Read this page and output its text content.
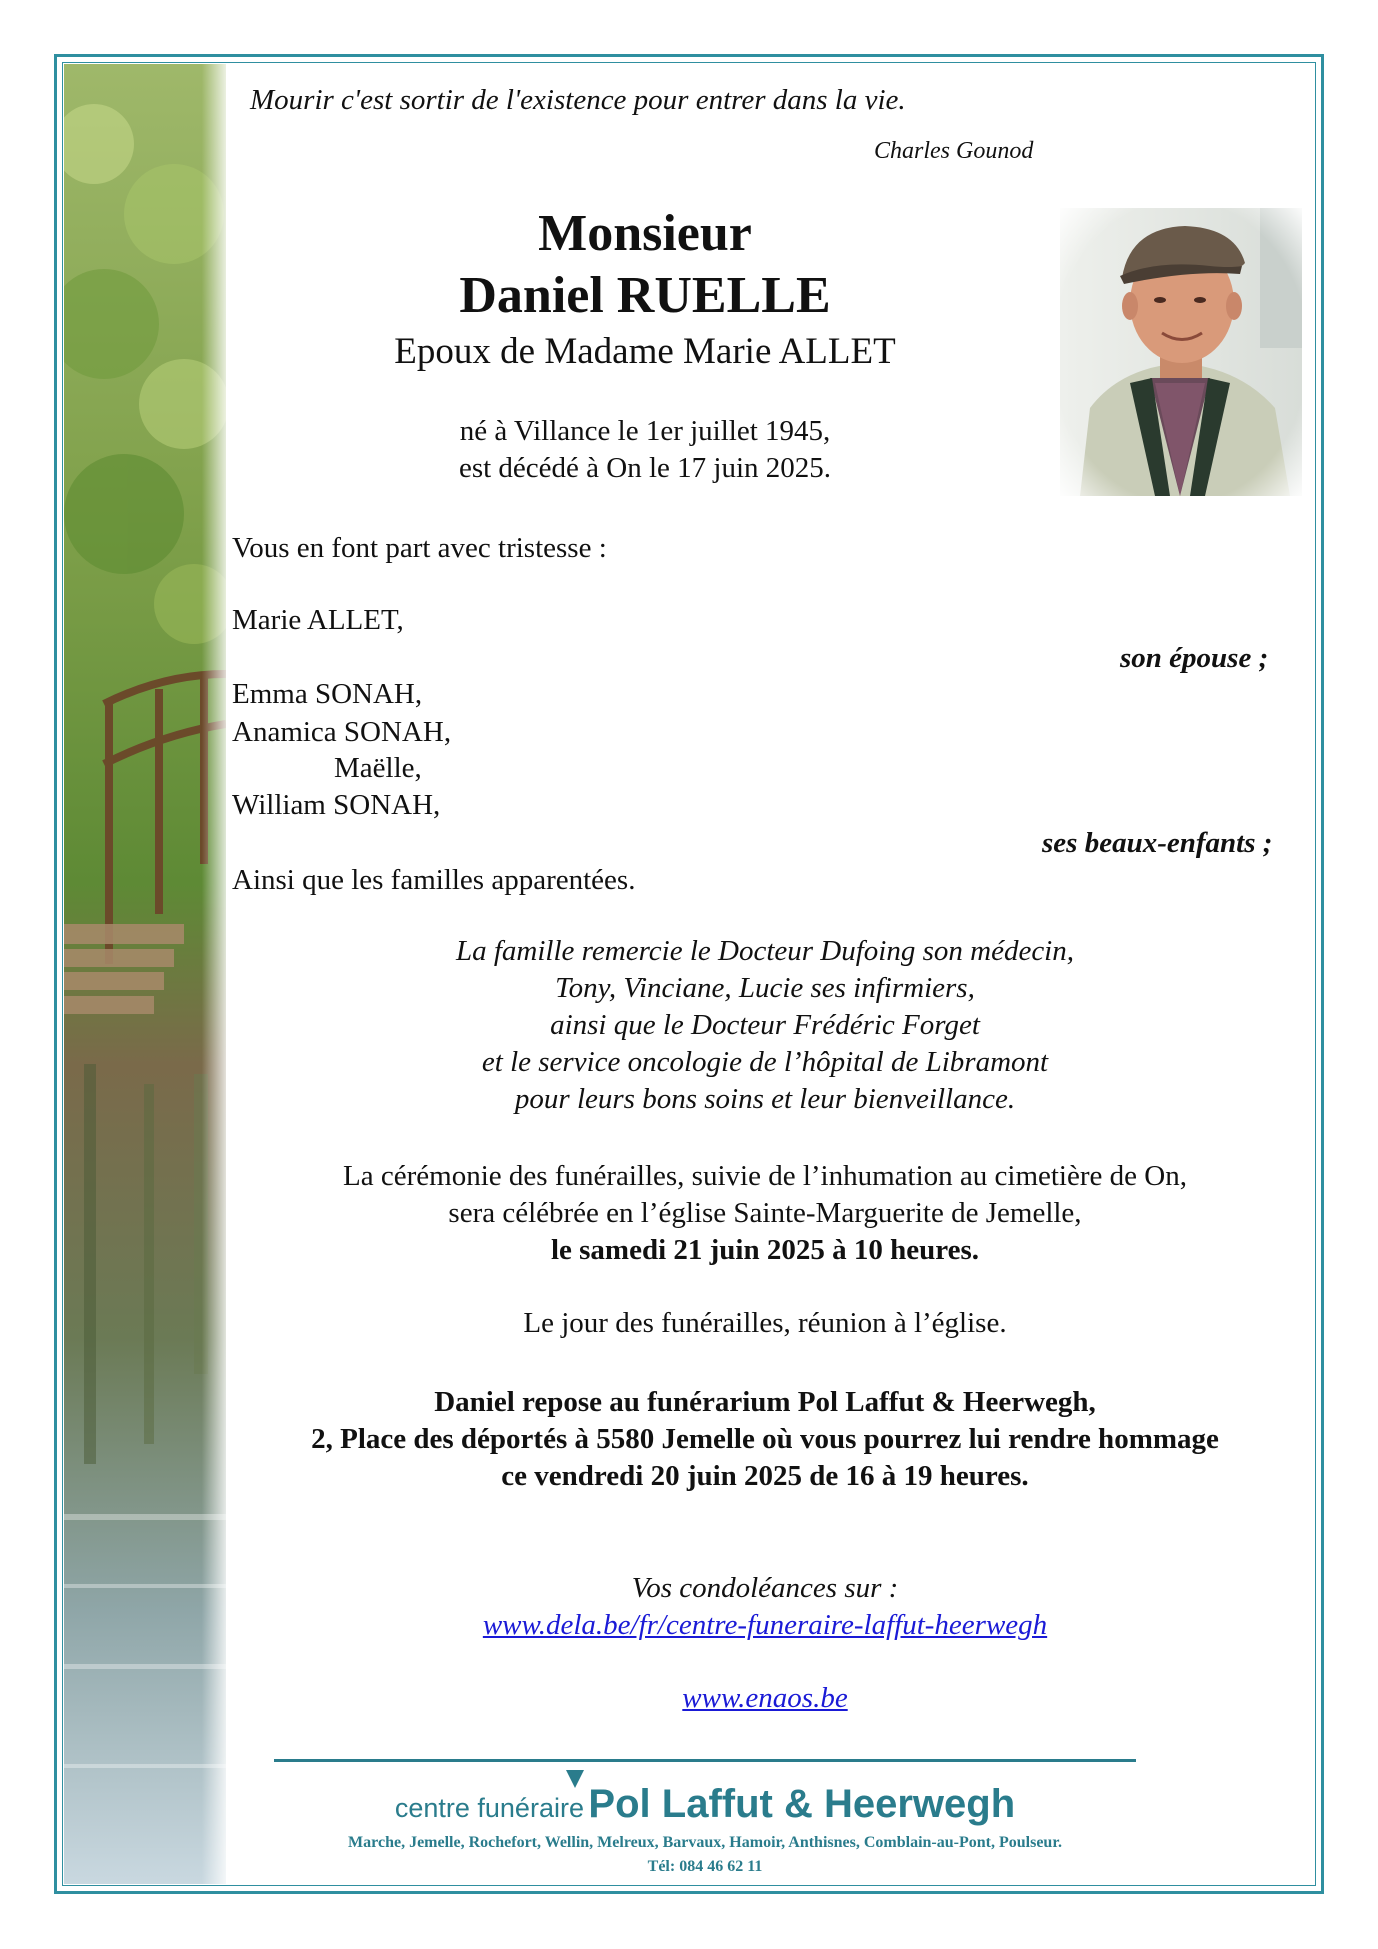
Mourir c'est sortir de l'existence pour entrer dans la vie.

Charles Gounod
Monsieur
Daniel RUELLE
Epoux de Madame Marie ALLET
né à Villance le 1er juillet 1945,
est décédé à On le 17 juin 2025.
Vous en font part avec tristesse :
Marie ALLET,
son épouse ;
Emma SONAH,
Anamica SONAH,
Maëlle,
William SONAH,
ses beaux-enfants ;
Ainsi que les familles apparentées.
La famille remercie le Docteur Dufoing son médecin,
Tony, Vinciane, Lucie ses infirmiers,
ainsi que le Docteur Frédéric Forget
et le service oncologie de l’hôpital de Libramont
pour leurs bons soins et leur bienveillance.
La cérémonie des funérailles, suivie de l’inhumation au cimetière de On,
sera célébrée en l’église Sainte-Marguerite de Jemelle,
le samedi 21 juin 2025 à 10 heures.
Le jour des funérailles, réunion à l’église.
Daniel repose au funérarium Pol Laffut & Heerwegh,
2, Place des déportés à 5580 Jemelle où vous pourrez lui rendre hommage
ce vendredi 20 juin 2025 de 16 à 19 heures.
Vos condoléances sur :
www.dela.be/fr/centre-funeraire-laffut-heerwegh
www.enaos.be
centre funéraire Pol Laffut & Heerwegh
Marche, Jemelle, Rochefort, Wellin, Melreux, Barvaux, Hamoir, Anthisnes, Comblain-au-Pont, Poulseur.
Tél: 084 46 62 11
